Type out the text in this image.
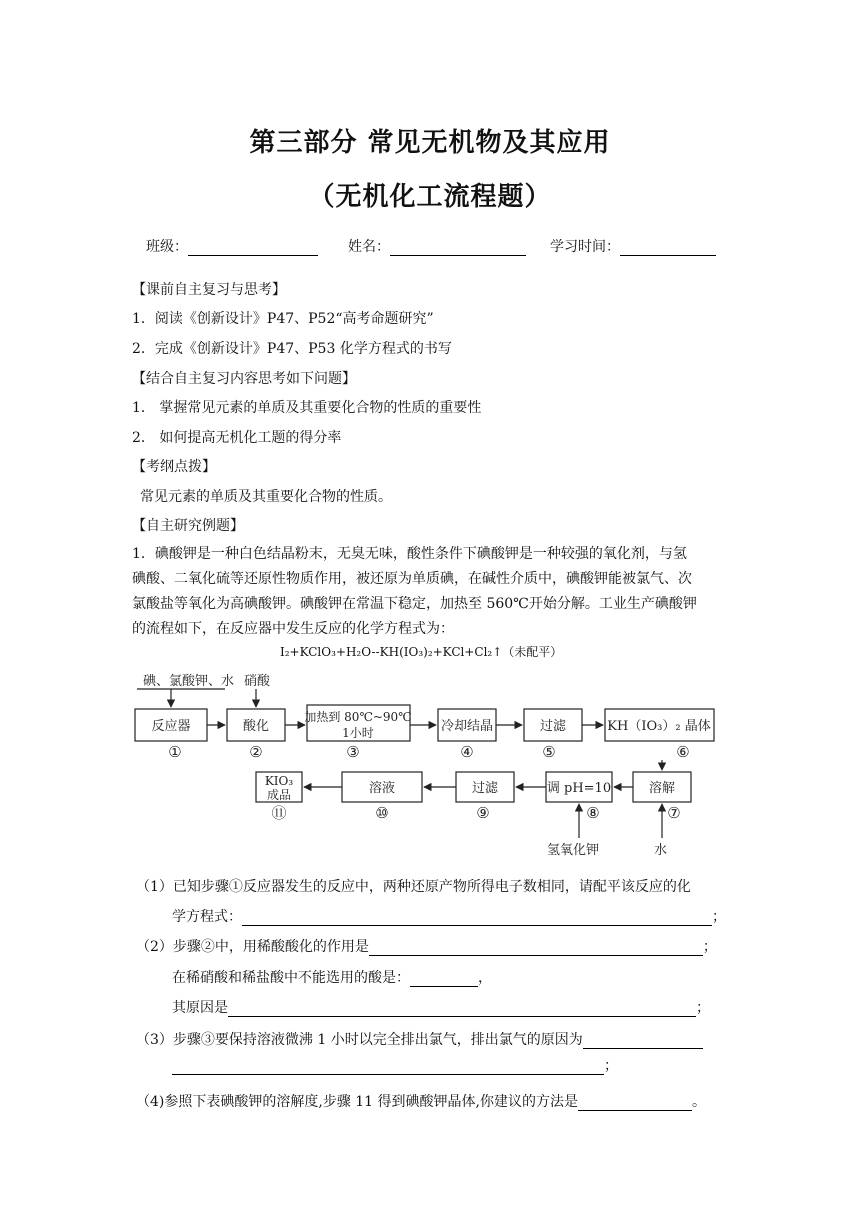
第三部分 常见无机物及其应用
（无机化工流程题）
班级：	姓名：	学习时间：
【课前自主复习与思考】
1．阅读《创新设计》P47、P52“高考命题研究”
2．完成《创新设计》P47、P53 化学方程式的书写
【结合自主复习内容思考如下问题】
1． 掌握常见元素的单质及其重要化合物的性质的重要性
2． 如何提高无机化工题的得分率
【考纲点拨】
常见元素的单质及其重要化合物的性质。
【自主研究例题】
1．碘酸钾是一种白色结晶粉末，无臭无味，酸性条件下碘酸钾是一种较强的氧化剂，与氢
碘酸、二氧化硫等还原性物质作用，被还原为单质碘，在碱性介质中，碘酸钾能被氯气、次
氯酸盐等氧化为高碘酸钾。碘酸钾在常温下稳定，加热至 560℃开始分解。工业生产碘酸钾
的流程如下，在反应器中发生反应的化学方程式为：
I₂+KClO₃+H₂O--KH(IO₃)₂+KCl+Cl₂↑（未配平）
碘、氯酸钾、水 硝酸
氢氧化钾	水
反应器	酸化
加热到 80℃~90℃
1小时	冷却结晶	过滤	KH（IO₃）₂ 晶体
溶解
调 pH=10
过滤
溶液
KIO₃
成品
①	②	③	④	⑤	⑥
⑦
⑧
⑨
⑩
⑪
（1）已知步骤①反应器发生的反应中，两种还原产物所得电子数相同，请配平该反应的化
学方程式：	；
（2）步骤②中，用稀酸酸化的作用是	；
在稀硝酸和稀盐酸中不能选用的酸是：	，
其原因是	；
（3）步骤③要保持溶液微沸 1 小时以完全排出氯气，排出氯气的原因为
；
（4)参照下表碘酸钾的溶解度,步骤 11 得到碘酸钾晶体,你建议的方法是	。
